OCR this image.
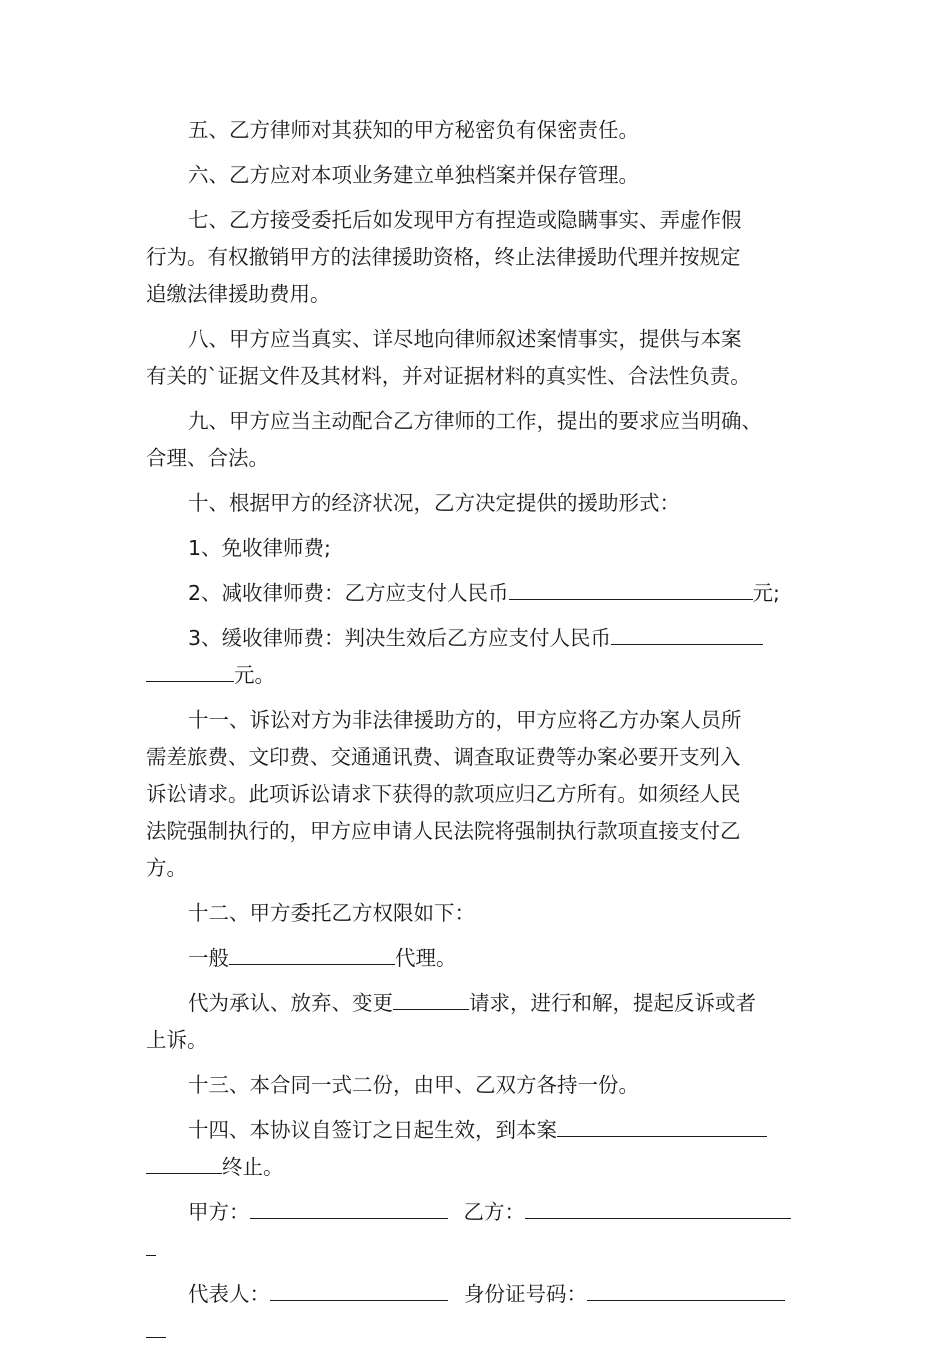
五、乙方律师对其获知的甲方秘密负有保密责任。

六、乙方应对本项业务建立单独档案并保存管理。

七、乙方接受委托后如发现甲方有捏造或隐瞒事实、弄虚作假
行为。有权撤销甲方的法律援助资格，终止法律援助代理并按规定
追缴法律援助费用。
八、甲方应当真实、详尽地向律师叙述案情事实，提供与本案
有关的`证据文件及其材料，并对证据材料的真实性、合法性负责。
九、甲方应当主动配合乙方律师的工作，提出的要求应当明确、
合理、合法。

十、根据甲方的经济状况，乙方决定提供的援助形式：

1、免收律师费;

2、减收律师费：乙方应支付人民币	元;

3、缓收律师费：判决生效后乙方应支付人民币
元。
十一、诉讼对方为非法律援助方的，甲方应将乙方办案人员所
需差旅费、文印费、交通通讯费、调查取证费等办案必要开支列入
诉讼请求。此项诉讼请求下获得的款项应归乙方所有。如须经人民
法院强制执行的，甲方应申请人民法院将强制执行款项直接支付乙
方。

十二、甲方委托乙方权限如下：

一般	代理。

代为承认、放弃、变更	请求，进行和解，提起反诉或者
上诉。

十三、本合同一式二份，由甲、乙双方各持一份。

十四、本协议自签订之日起生效，到本案
终止。
甲方：	乙方：
代表人：	身份证号码：
